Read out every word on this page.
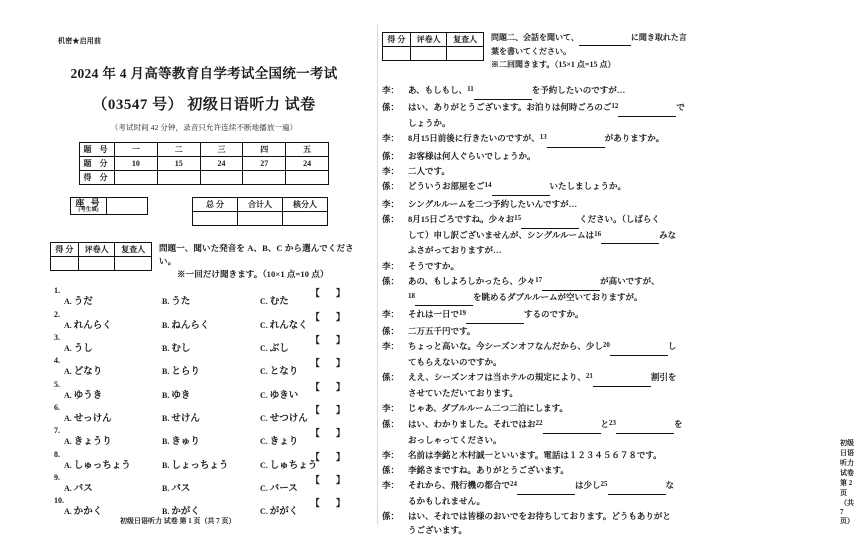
机密★启用前
2024 年 4 月高等教育自学考试全国统一考试
（03547 号） 初级日语听力 试卷
（考试时间 42 分钟，录音只允许连续不断地播放一遍）
题 号	一	二	三	四	五
题 分	10	15	24	27	24
得 分					
座 号
(考生填)

总 分	合计人	核分人

得 分	评卷人	复查人
		問題一、聞いた発音を A、B、C から選んでください。
※一回だけ聞きます。（10×1 点=10 点）
1.	【 】
A. うだ	B. うた	C. むた
2.	【 】
A. れんらく	B. ねんらく	C. れんなく
3.	【 】
A. うし	B. むし	C. ぶし
4.	【 】
A. どなり	B. とらり	C. となり
5.	【 】
A. ゆうき	B. ゆき	C. ゆきい
6.	【 】
A. せっけん	B. せけん	C. せつけん
7.	【 】
A. きょうり	B. きゅり	C. きょり
8.	【 】
A. しゅっちょう	B. しょっちょう	C. しゅちょう
9.	【 】
A. バス	B. パス	C. バース
10.	【 】
A. かかく	B. かがく	C. ががく
初级日语听力 试卷 第 1 页（共 7 页）
得 分	评卷人	复查人
		問題二、会話を聞いて、	に聞き取れた言
葉を書いてください。
※二回聞きます。（15×1 点=15 点）
李：	あ、もしもし、$^{11}$	を予約したいのですが…
係：	はい、ありがとうございます。お泊りは何時ごろのご$^{12}$	で
しょうか。
李：	8月15日前後に行きたいのですが、$^{13}$	がありますか。
係：	お客様は何人ぐらいでしょうか。
李：	二人です。
係：	どういうお部屋をご$^{14}$	いたしましょうか。
李：	シングルルームを二つ予約したいんですが…
係：	8月15日ごろですね。少々お$^{15}$	ください。（しばらく
して）申し訳ございませんが、シングルルームは$^{16}$	みな
ふさがっておりますが…
李：	そうですか。
係：	あの、もしよろしかったら、少々$^{17}$	が高いですが、
$^{18}$	を眺めるダブルルームが空いておりますが。
李：	それは一日で$^{19}$	するのですか。
係：	二万五千円です。
李：	ちょっと高いな。今シーズンオフなんだから、少し$^{20}$	し
てもらえないのですか。
係：	ええ、シーズンオフは当ホテルの規定により、$^{21}$	割引を
させていただいております。
李：	じゃあ、ダブルルーム二つ二泊にします。
係：	はい、わかりました。それではお$^{22}$	と$^{23}$	を
おっしゃってください。
李：	名前は李銘と木村誠一といいます。電話は１２３４５６７８です。
係：	李銘さまですね。ありがとうございます。
李：	それから、飛行機の都合で$^{24}$	は少し$^{25}$	な
るかもしれません。
係：	はい、それでは皆様のおいでをお待ちしております。どうもありがと
うございます。
初级日语听力 试卷 第 2 页（共 7 页）
